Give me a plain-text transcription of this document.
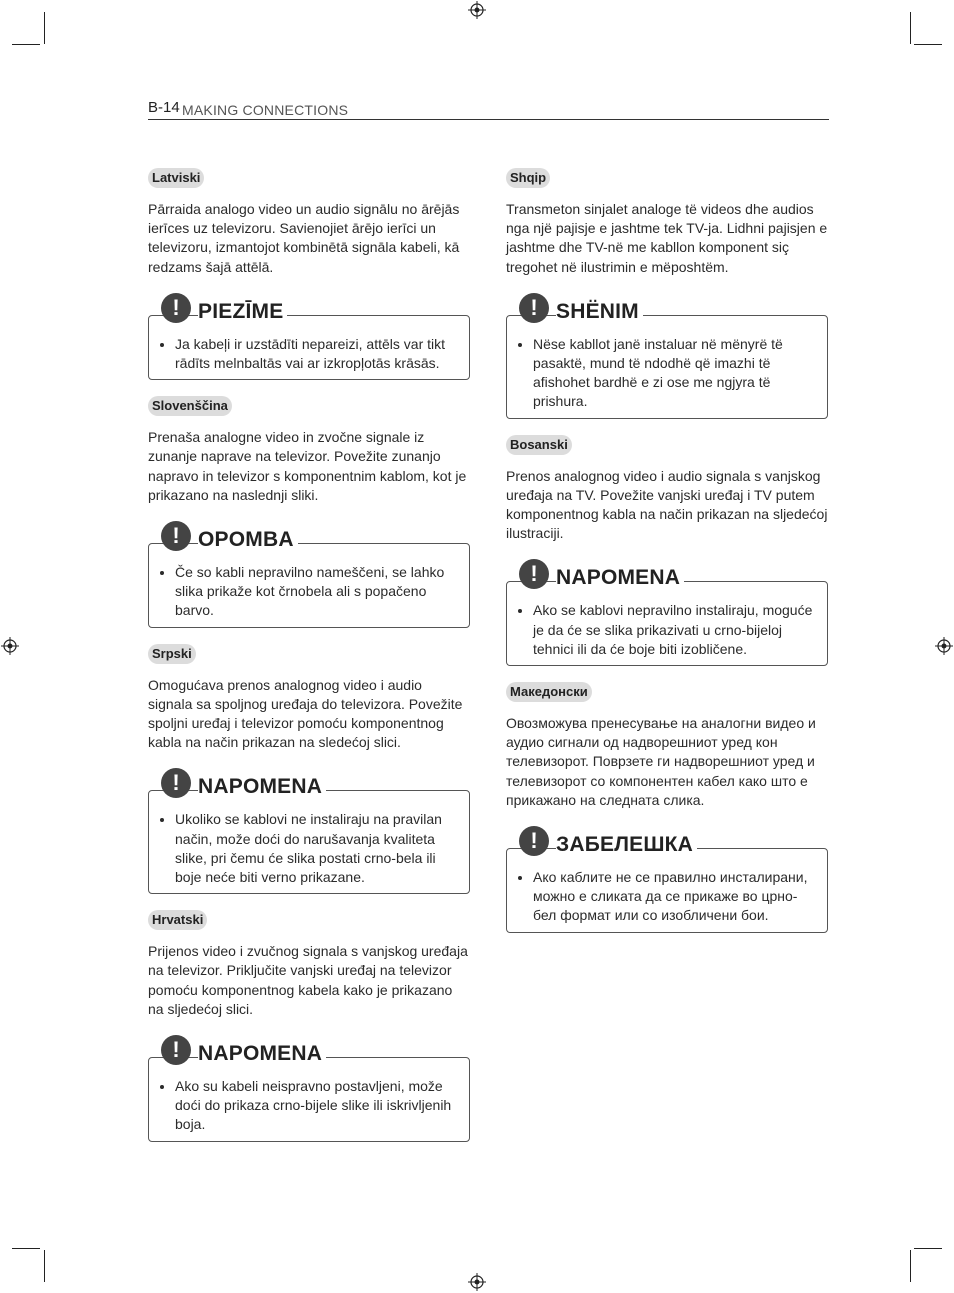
B-14 MAKING CONNECTIONS
Latviski

Pārraida analogo video un audio signālu no ārējās ierīces uz televizoru. Savienojiet ārējo ierīci un televizoru, izmantojot kombinētā signāla kabeli, kā redzams šajā attēlā.

! PIEZĪME
• Ja kabeļi ir uzstādīti nepareizi, attēls var tikt rādīts melnbaltās vai ar izkropļotās krāsās.
Slovenščina

Prenaša analogne video in zvočne signale iz zunanje naprave na televizor. Povežite zunanjo napravo in televizor s komponentnim kablom, kot je prikazano na naslednji sliki.

! OPOMBA
• Če so kabli nepravilno nameščeni, se lahko slika prikaže kot črnobela ali s popačeno barvo.
Srpski

Omogućava prenos analognog video i audio signala sa spoljnog uređaja do televizora. Povežite spoljni uređaj i televizor pomoću komponentnog kabla na način prikazan na sledećoj slici.

! NAPOMENA
• Ukoliko se kablovi ne instaliraju na pravilan način, može doći do narušavanja kvaliteta slike, pri čemu će slika postati crno-bela ili boje neće biti verno prikazane.
Hrvatski

Prijenos video i zvučnog signala s vanjskog uređaja na televizor. Priključite vanjski uređaj na televizor pomoću komponentnog kabela kako je prikazano na sljedećoj slici.

! NAPOMENA
• Ako su kabeli neispravno postavljeni, može doći do prikaza crno-bijele slike ili iskrivljenih boja.
Shqip

Transmeton sinjalet analoge të videos dhe audios nga një pajisje e jashtme tek TV-ja. Lidhni pajisjen e jashtme dhe TV-në me kabllon komponent siç tregohet në ilustrimin e mëposhtëm.

! SHËNIM
• Nëse kabllot janë instaluar në mënyrë të pasaktë, mund të ndodhë që imazhi të afishohet bardhë e zi ose me ngjyra të prishura.
Bosanski

Prenos analognog video i audio signala s vanjskog uređaja na TV. Povežite vanjski uređaj i TV putem komponentnog kabla na način prikazan na sljedećoj ilustraciji.

! NAPOMENA
• Ako se kablovi nepravilno instaliraju, moguće je da će se slika prikazivati u crno-bijeloj tehnici ili da će boje biti izobličene.
Македонски

Овозможува пренесување на аналогни видео и аудио сигнали од надворешниот уред кон телевизорот. Поврзете ги надворешниот уред и телевизорот со компонентен кабел како што е прикажано на следната слика.

! ЗАБЕЛЕШКА
• Ако каблите не се правилно инсталирани, можно е сликата да се прикаже во црно-бел формат или со изобличени бои.
